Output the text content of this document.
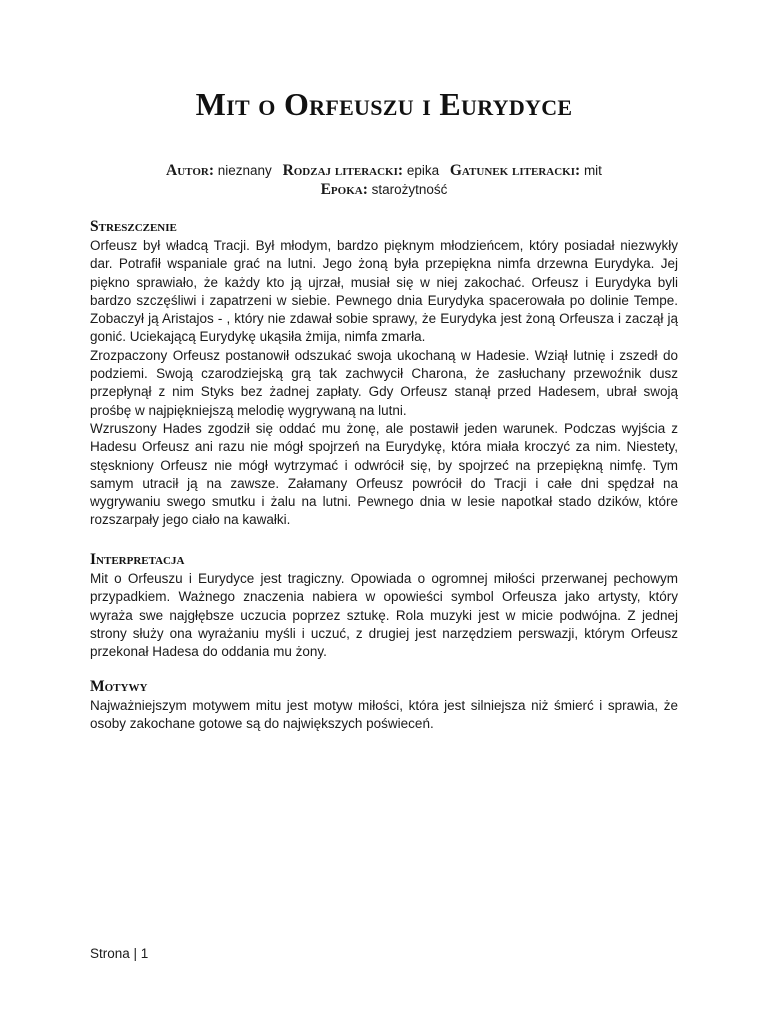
Mit o Orfeuszu i Eurydyce
Autor: nieznany Rodzaj literacki: epika Gatunek literacki: mit
Epoka: starożytność
Streszczenie

Orfeusz był władcą Tracji. Był młodym, bardzo pięknym młodzieńcem, który posiadał niezwykły dar. Potrafił wspaniale grać na lutni. Jego żoną była przepiękna nimfa drzewna Eurydyka. Jej piękno sprawiało, że każdy kto ją ujrzał, musiał się w niej zakochać. Orfeusz i Eurydyka byli bardzo szczęśliwi i zapatrzeni w siebie. Pewnego dnia Eurydyka spacerowała po dolinie Tempe. Zobaczył ją Aristajos - , który nie zdawał sobie sprawy, że Eurydyka jest żoną Orfeusza i zaczął ją gonić. Uciekającą Eurydykę ukąsiła żmija, nimfa zmarła.

Zrozpaczony Orfeusz postanowił odszukać swoja ukochaną w Hadesie. Wziął lutnię i zszedł do podziemi. Swoją czarodziejską grą tak zachwycił Charona, że zasłuchany przewoźnik dusz przepłynął z nim Styks bez żadnej zapłaty. Gdy Orfeusz stanął przed Hadesem, ubrał swoją prośbę w najpiękniejszą melodię wygrywaną na lutni.

Wzruszony Hades zgodził się oddać mu żonę, ale postawił jeden warunek. Podczas wyjścia z Hadesu Orfeusz ani razu nie mógł spojrzeń na Eurydykę, która miała kroczyć za nim. Niestety, stęskniony Orfeusz nie mógł wytrzymać i odwrócił się, by spojrzeć na przepiękną nimfę. Tym samym utracił ją na zawsze. Załamany Orfeusz powrócił do Tracji i całe dni spędzał na wygrywaniu swego smutku i żalu na lutni. Pewnego dnia w lesie napotkał stado dzików, które rozszarpały jego ciało na kawałki.

Interpretacja

Mit o Orfeuszu i Eurydyce jest tragiczny. Opowiada o ogromnej miłości przerwanej pechowym przypadkiem. Ważnego znaczenia nabiera w opowieści symbol Orfeusza jako artysty, który wyraża swe najgłębsze uczucia poprzez sztukę. Rola muzyki jest w micie podwójna. Z jednej strony służy ona wyrażaniu myśli i uczuć, z drugiej jest narzędziem perswazji, którym Orfeusz przekonał Hadesa do oddania mu żony.

Motywy

Najważniejszym motywem mitu jest motyw miłości, która jest silniejsza niż śmierć i sprawia, że osoby zakochane gotowe są do największych poświeceń.

Strona | 1
